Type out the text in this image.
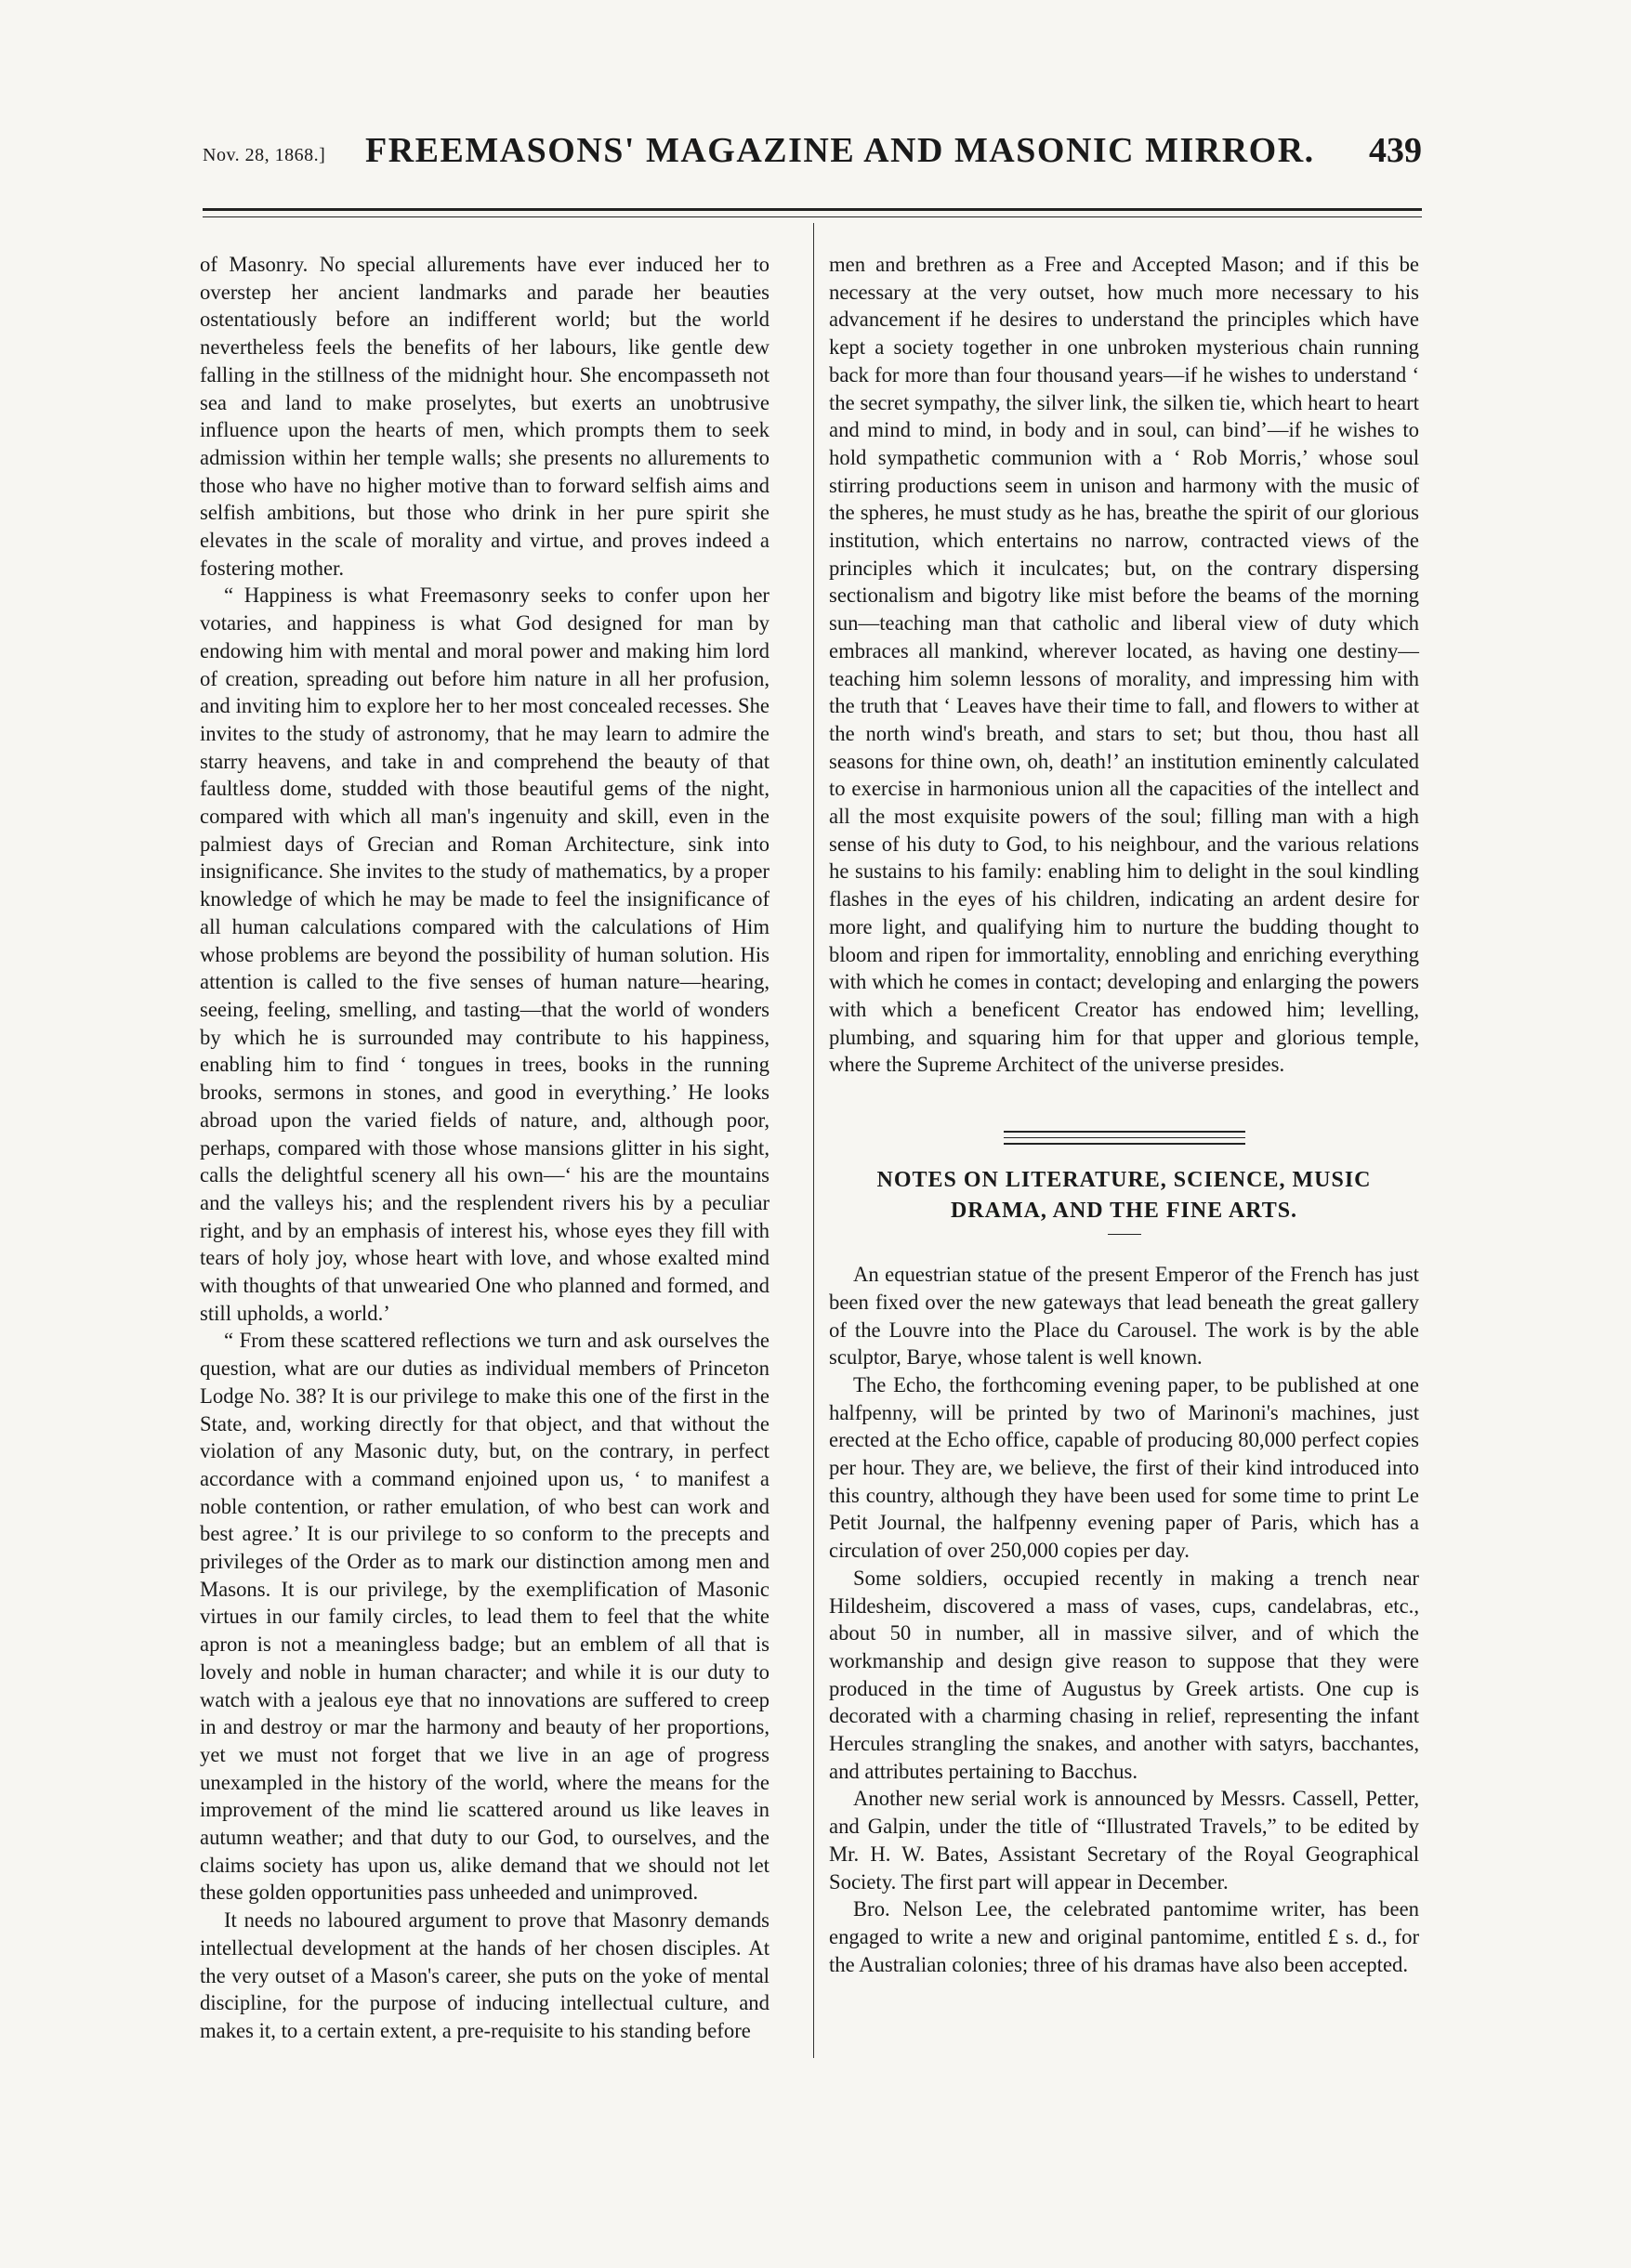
Nov. 28, 1868.] FREEMASONS' MAGAZINE AND MASONIC MIRROR. 439

of Masonry. No special allurements have ever induced her to overstep her ancient landmarks and parade her beauties ostentatiously before an indifferent world; but the world nevertheless feels the benefits of her labours, like gentle dew falling in the stillness of the midnight hour. She encompasseth not sea and land to make proselytes, but exerts an unobtrusive influence upon the hearts of men, which prompts them to seek admission within her temple walls; she presents no allurements to those who have no higher motive than to forward selfish aims and selfish ambitions, but those who drink in her pure spirit she elevates in the scale of morality and virtue, and proves indeed a fostering mother.

“ Happiness is what Freemasonry seeks to confer upon her votaries, and happiness is what God designed for man by endowing him with mental and moral power and making him lord of creation, spreading out before him nature in all her profusion, and inviting him to explore her to her most concealed recesses. She invites to the study of astronomy, that he may learn to admire the starry heavens, and take in and comprehend the beauty of that faultless dome, studded with those beautiful gems of the night, compared with which all man's ingenuity and skill, even in the palmiest days of Grecian and Roman Architecture, sink into insignificance. She invites to the study of mathematics, by a proper knowledge of which he may be made to feel the insignificance of all human calculations compared with the calculations of Him whose problems are beyond the possibility of human solution. His attention is called to the five senses of human nature—hearing, seeing, feeling, smelling, and tasting—that the world of wonders by which he is surrounded may contribute to his happiness, enabling him to find ‘ tongues in trees, books in the running brooks, sermons in stones, and good in everything.’ He looks abroad upon the varied fields of nature, and, although poor, perhaps, compared with those whose mansions glitter in his sight, calls the delightful scenery all his own—‘ his are the mountains and the valleys his; and the resplendent rivers his by a peculiar right, and by an emphasis of interest his, whose eyes they fill with tears of holy joy, whose heart with love, and whose exalted mind with thoughts of that unwearied One who planned and formed, and still upholds, a world.’

“ From these scattered reflections we turn and ask ourselves the question, what are our duties as individual members of Princeton Lodge No. 38? It is our privilege to make this one of the first in the State, and, working directly for that object, and that without the violation of any Masonic duty, but, on the contrary, in perfect accordance with a command enjoined upon us, ‘ to manifest a noble contention, or rather emulation, of who best can work and best agree.’ It is our privilege to so conform to the precepts and privileges of the Order as to mark our distinction among men and Masons. It is our privilege, by the exemplification of Masonic virtues in our family circles, to lead them to feel that the white apron is not a meaningless badge; but an emblem of all that is lovely and noble in human character; and while it is our duty to watch with a jealous eye that no innovations are suffered to creep in and destroy or mar the harmony and beauty of her proportions, yet we must not forget that we live in an age of progress unexampled in the history of the world, where the means for the improvement of the mind lie scattered around us like leaves in autumn weather; and that duty to our God, to ourselves, and the claims society has upon us, alike demand that we should not let these golden opportunities pass unheeded and unimproved.

It needs no laboured argument to prove that Masonry demands intellectual development at the hands of her chosen disciples. At the very outset of a Mason's career, she puts on the yoke of mental discipline, for the purpose of inducing intellectual culture, and makes it, to a certain extent, a pre-requisite to his standing before

men and brethren as a Free and Accepted Mason; and if this be necessary at the very outset, how much more necessary to his advancement if he desires to understand the principles which have kept a society together in one unbroken mysterious chain running back for more than four thousand years—if he wishes to understand ‘ the secret sympathy, the silver link, the silken tie, which heart to heart and mind to mind, in body and in soul, can bind’—if he wishes to hold sympathetic communion with a ‘ Rob Morris,’ whose soul stirring productions seem in unison and harmony with the music of the spheres, he must study as he has, breathe the spirit of our glorious institution, which entertains no narrow, contracted views of the principles which it inculcates; but, on the contrary dispersing sectionalism and bigotry like mist before the beams of the morning sun—teaching man that catholic and liberal view of duty which embraces all mankind, wherever located, as having one destiny—teaching him solemn lessons of morality, and impressing him with the truth that ‘ Leaves have their time to fall, and flowers to wither at the north wind's breath, and stars to set; but thou, thou hast all seasons for thine own, oh, death!’ an institution eminently calculated to exercise in harmonious union all the capacities of the intellect and all the most exquisite powers of the soul; filling man with a high sense of his duty to God, to his neighbour, and the various relations he sustains to his family: enabling him to delight in the soul kindling flashes in the eyes of his children, indicating an ardent desire for more light, and qualifying him to nurture the budding thought to bloom and ripen for immortality, ennobling and enriching everything with which he comes in contact; developing and enlarging the powers with which a beneficent Creator has endowed him; levelling, plumbing, and squaring him for that upper and glorious temple, where the Supreme Architect of the universe presides.

NOTES ON LITERATURE, SCIENCE, MUSIC
DRAMA, AND THE FINE ARTS.

An equestrian statue of the present Emperor of the French has just been fixed over the new gateways that lead beneath the great gallery of the Louvre into the Place du Carousel. The work is by the able sculptor, Barye, whose talent is well known.

The Echo, the forthcoming evening paper, to be published at one halfpenny, will be printed by two of Marinoni's machines, just erected at the Echo office, capable of producing 80,000 perfect copies per hour. They are, we believe, the first of their kind introduced into this country, although they have been used for some time to print Le Petit Journal, the halfpenny evening paper of Paris, which has a circulation of over 250,000 copies per day.

Some soldiers, occupied recently in making a trench near Hildesheim, discovered a mass of vases, cups, candelabras, etc., about 50 in number, all in massive silver, and of which the workmanship and design give reason to suppose that they were produced in the time of Augustus by Greek artists. One cup is decorated with a charming chasing in relief, representing the infant Hercules strangling the snakes, and another with satyrs, bacchantes, and attributes pertaining to Bacchus.

Another new serial work is announced by Messrs. Cassell, Petter, and Galpin, under the title of “Illustrated Travels,” to be edited by Mr. H. W. Bates, Assistant Secretary of the Royal Geographical Society. The first part will appear in December.

Bro. Nelson Lee, the celebrated pantomime writer, has been engaged to write a new and original pantomime, entitled £ s. d., for the Australian colonies; three of his dramas have also been accepted.
